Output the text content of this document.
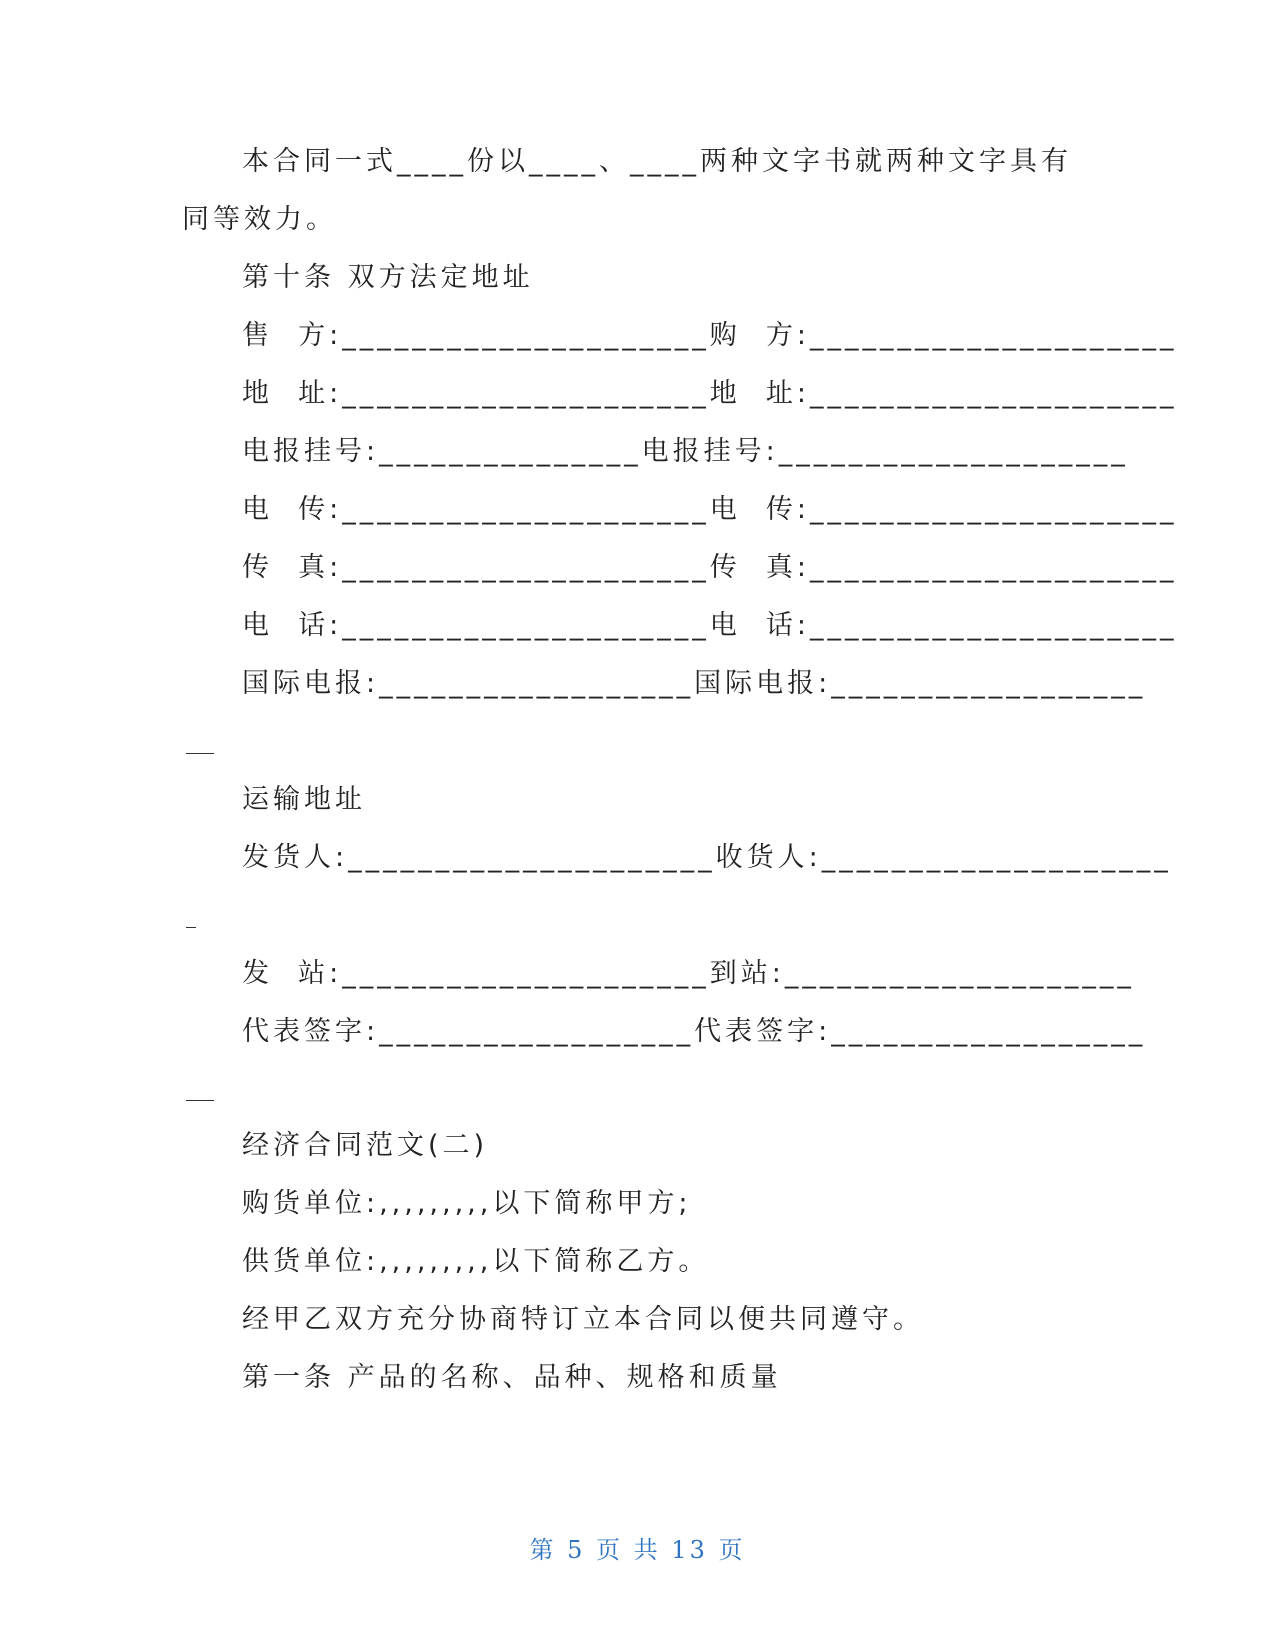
本合同一式____份以____、____两种文字书就两种文字具有
同等效力。
第十条 双方法定地址
售  方:_____________________购  方:_____________________
地  址:_____________________地  址:_____________________
电报挂号:_______________电报挂号:____________________
电  传:_____________________电  传:_____________________
传  真:_____________________传  真:_____________________
电  话:_____________________电  话:_____________________
国际电报:__________________国际电报:__________________
运输地址
发货人:_____________________收货人:____________________
发  站:_____________________到站:____________________
代表签字:__________________代表签字:__________________
经济合同范文(二)
购货单位:,,,,,,,,,以下简称甲方;
供货单位:,,,,,,,,,以下简称乙方。
经甲乙双方充分协商特订立本合同以便共同遵守。
第一条 产品的名称、品种、规格和质量
第 5 页 共 13 页
